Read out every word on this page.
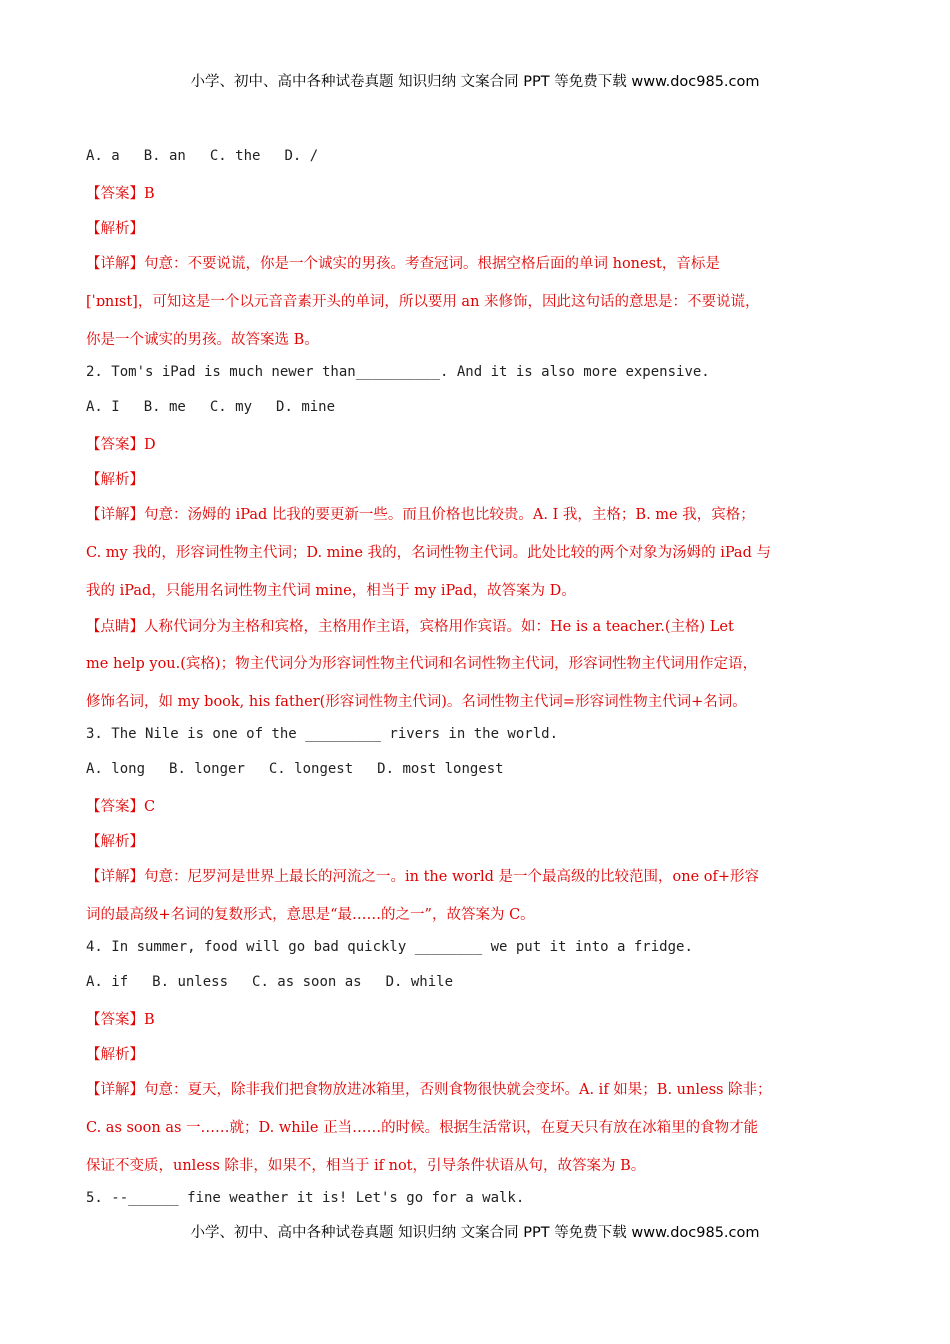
小学、初中、高中各种试卷真题 知识归纳 文案合同 PPT 等免费下载 www.doc985.com
A. a B. an C. the D. /
【答案】B
【解析】
【详解】句意：不要说谎，你是一个诚实的男孩。考查冠词。根据空格后面的单词 honest，音标是
[ˈɒnɪst]，可知这是一个以元音音素开头的单词，所以要用 an 来修饰，因此这句话的意思是：不要说谎，
你是一个诚实的男孩。故答案选 B。
2. Tom's iPad is much newer than__________. And it is also more expensive.
A. I B. me C. my D. mine
【答案】D
【解析】
【详解】句意：汤姆的 iPad 比我的要更新一些。而且价格也比较贵。A. I 我，主格；B. me 我，宾格；
C. my 我的，形容词性物主代词；D. mine 我的，名词性物主代词。此处比较的两个对象为汤姆的 iPad 与
我的 iPad，只能用名词性物主代词 mine，相当于 my iPad，故答案为 D。
【点睛】人称代词分为主格和宾格，主格用作主语，宾格用作宾语。如：He is a teacher.(主格) Let
me help you.(宾格)；物主代词分为形容词性物主代词和名词性物主代词，形容词性物主代词用作定语，
修饰名词，如 my book, his father(形容词性物主代词)。名词性物主代词=形容词性物主代词+名词。
3. The Nile is one of the _________ rivers in the world.
A. long B. longer C. longest D. most longest
【答案】C
【解析】
【详解】句意：尼罗河是世界上最长的河流之一。in the world 是一个最高级的比较范围，one of+形容
词的最高级+名词的复数形式，意思是“最……的之一”，故答案为 C。
4. In summer, food will go bad quickly ________ we put it into a fridge.
A. if B. unless C. as soon as D. while
【答案】B
【解析】
【详解】句意：夏天，除非我们把食物放进冰箱里，否则食物很快就会变坏。A. if 如果；B. unless 除非；
C. as soon as 一……就；D. while 正当……的时候。根据生活常识，在夏天只有放在冰箱里的食物才能
保证不变质，unless 除非，如果不，相当于 if not，引导条件状语从句，故答案为 B。
5. --______ fine weather it is! Let's go for a walk.
小学、初中、高中各种试卷真题 知识归纳 文案合同 PPT 等免费下载 www.doc985.com
